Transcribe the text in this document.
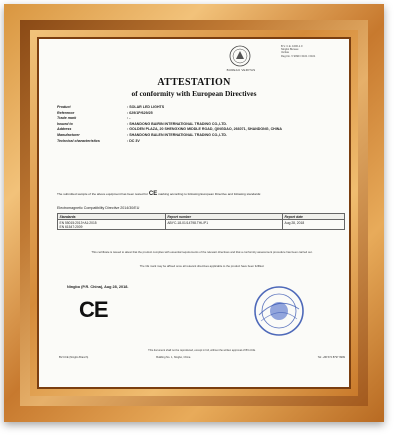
BUREAU VERITAS
B.V. C.E. 1000-1.0
Ningbo Bureau
Veritas
Reg.No. V 9999 / 0101 / 0101
ATTESTATION
of conformity with European Directives
Product	: SOLAR LED LIGHTS
Reference	: 629/1P/629/25
Trade mark	: -
Issued to	: SHANDONG BAIRIN INTERNATIONAL TRADING CO.,LTD.
Address	: GOLDEN PLAZA, 20 SHENGXING MIDDLE ROAD, QINGDAO, 266071, SHANDONG, CHINA
Manufacturer	: SHANDONG BALEN INTERNATIONAL TRADING CO.,LTD.
Technical characteristics	: DC 3V
The submitted sample of the above equipment has been tested for CE marking according to following European Directive and following standards:
Electromagnetic Compatibility Directive 2014/30/EU
Standards	Report number	Report date
EN 55015:2013+A1:2015
EN 61547:2009	ABYC-18-01/14798.THL/P1	Aug 28, 2018
This certificate is issued to attest that the product complies with essential requirements of the relevant directives and that a conformity assessment procedure has been carried out.
The CE mark may be affixed once all relevant directives applicable to the product have been fulfilled.
Ningbo (P.R. China), Aug 28, 2018.
CE
This document shall not be reproduced, except in full, without the written approval of BV-CCE.
BV-CCE (Ningbo Branch)	Building No. 1, Ningbo, China	Tel: +86 574 8797 9999
